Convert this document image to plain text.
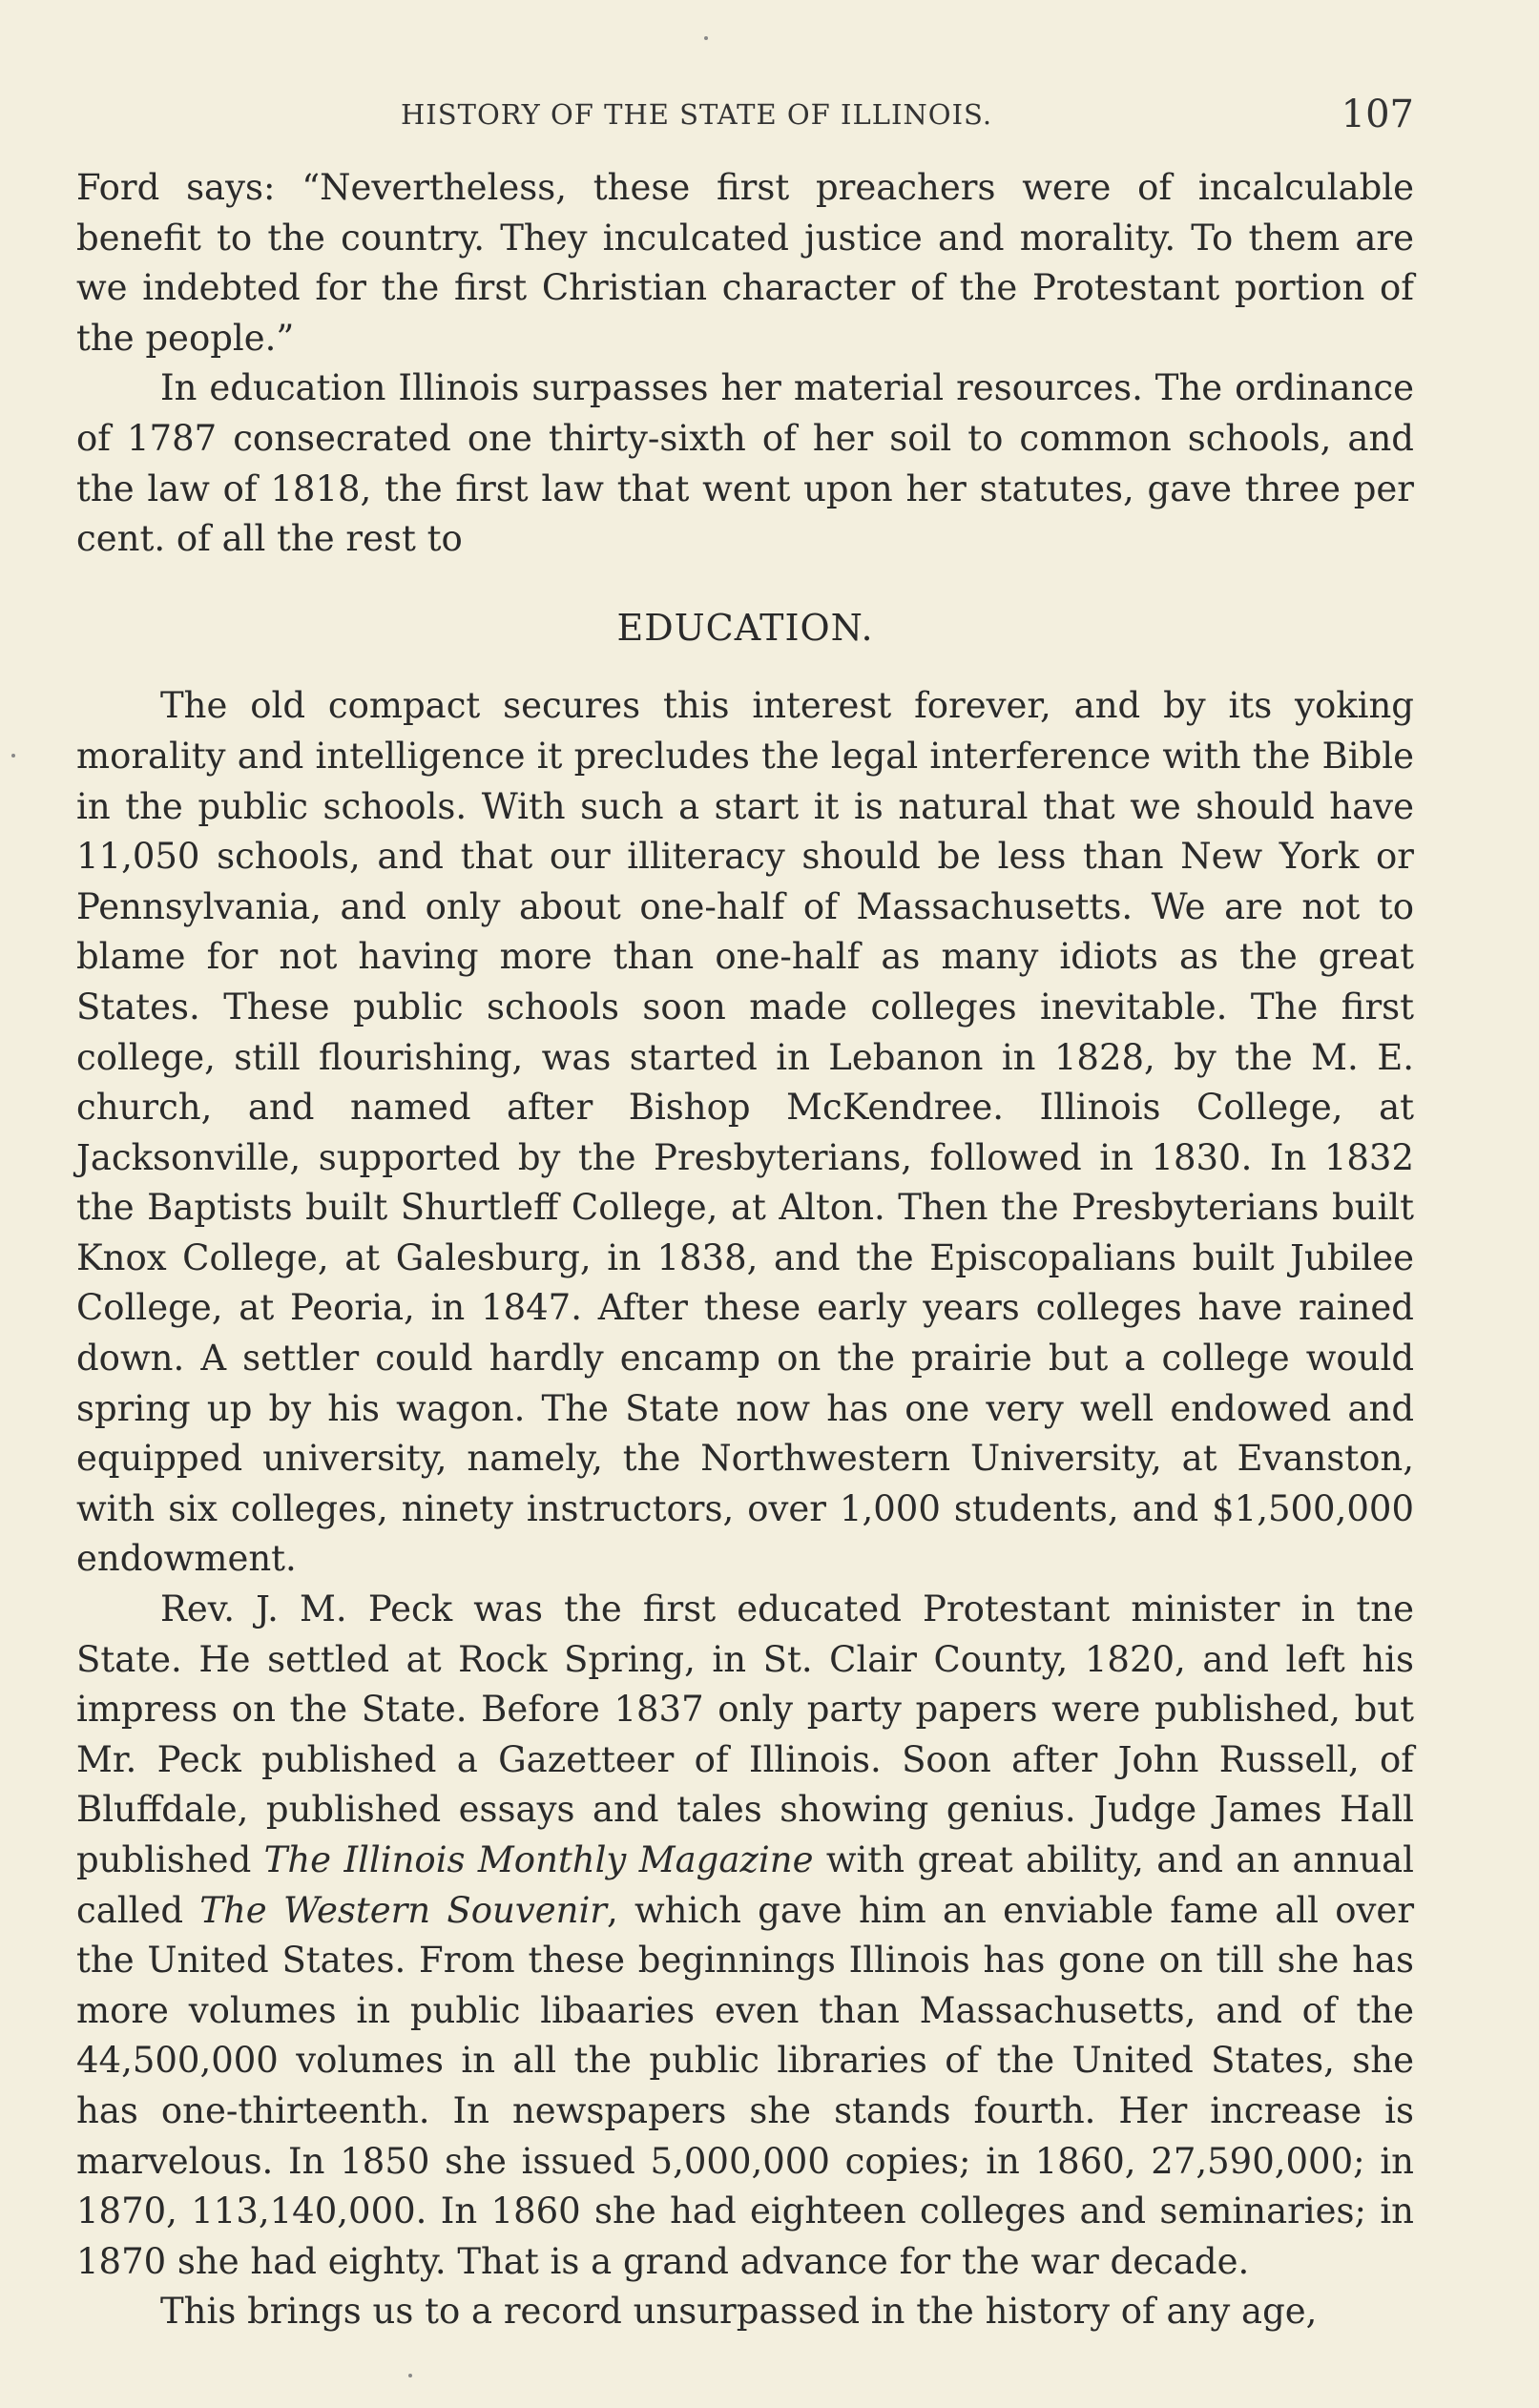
HISTORY OF THE STATE OF ILLINOIS.	107

Ford says: “Nevertheless, these first preachers were of incalculable benefit to the country. They inculcated justice and morality. To them are we indebted for the first Christian character of the Protestant portion of the people.”

In education Illinois surpasses her material resources. The ordinance of 1787 consecrated one thirty-sixth of her soil to common schools, and the law of 1818, the first law that went upon her statutes, gave three per cent. of all the rest to

EDUCATION.

The old compact secures this interest forever, and by its yoking morality and intelligence it precludes the legal interference with the Bible in the public schools. With such a start it is natural that we should have 11,050 schools, and that our illiteracy should be less than New York or Pennsylvania, and only about one-half of Massachusetts. We are not to blame for not having more than one-half as many idiots as the great States. These public schools soon made colleges inevitable. The first college, still flourishing, was started in Lebanon in 1828, by the M. E. church, and named after Bishop McKendree. Illinois College, at Jacksonville, supported by the Presbyterians, followed in 1830. In 1832 the Baptists built Shurtleff College, at Alton. Then the Presbyterians built Knox College, at Galesburg, in 1838, and the Episcopalians built Jubilee College, at Peoria, in 1847. After these early years colleges have rained down. A settler could hardly encamp on the prairie but a college would spring up by his wagon. The State now has one very well endowed and equipped university, namely, the Northwestern University, at Evanston, with six colleges, ninety instructors, over 1,000 students, and $1,500,000 endowment.

Rev. J. M. Peck was the first educated Protestant minister in tne State. He settled at Rock Spring, in St. Clair County, 1820, and left his impress on the State. Before 1837 only party papers were published, but Mr. Peck published a Gazetteer of Illinois. Soon after John Russell, of Bluffdale, published essays and tales showing genius. Judge James Hall published The Illinois Monthly Magazine with great ability, and an annual called The Western Souvenir, which gave him an enviable fame all over the United States. From these beginnings Illinois has gone on till she has more volumes in public libaaries even than Massachusetts, and of the 44,500,000 volumes in all the public libraries of the United States, she has one-thirteenth. In newspapers she stands fourth. Her increase is marvelous. In 1850 she issued 5,000,000 copies; in 1860, 27,590,000; in 1870, 113,140,000. In 1860 she had eighteen colleges and seminaries; in 1870 she had eighty. That is a grand advance for the war decade.

This brings us to a record unsurpassed in the history of any age,
